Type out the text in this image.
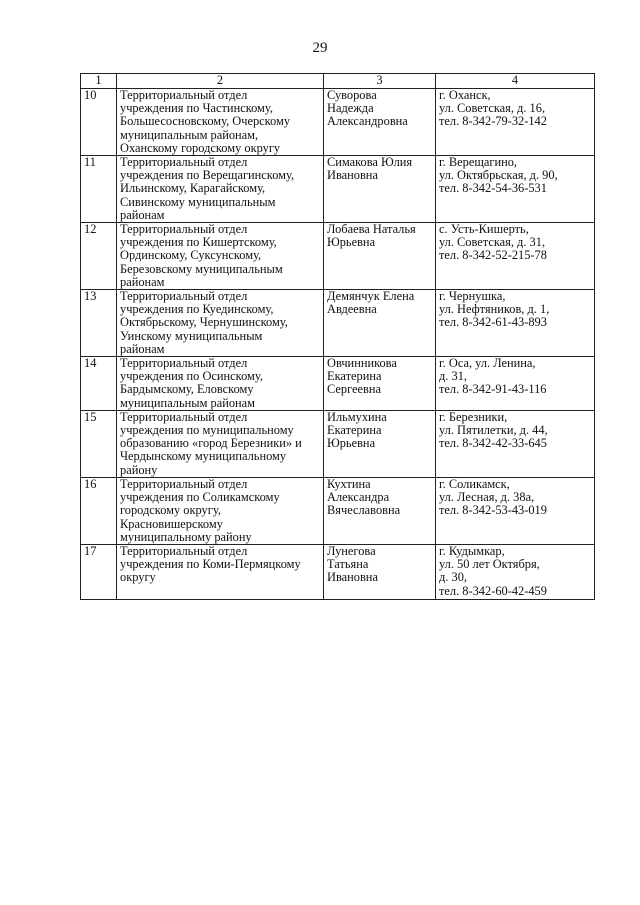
29
1	2	3	4
10	Территориальный отдел
учреждения по Частинскому,
Большесосновскому, Очерскому
муниципальным районам,
Оханскому городскому округу	Суворова
Надежда
Александровна	г. Оханск,
ул. Советская, д. 16,
тел. 8-342-79-32-142
11	Территориальный отдел
учреждения по Верещагинскому,
Ильинскому, Карагайскому,
Сивинскому муниципальным
районам	Симакова Юлия
Ивановна	г. Верещагино,
ул. Октябрьская, д. 90,
тел. 8-342-54-36-531
12	Территориальный отдел
учреждения по Кишертскому,
Ординскому, Суксунскому,
Березовскому муниципальным
районам	Лобаева Наталья
Юрьевна	с. Усть-Кишерть,
ул. Советская, д. 31,
тел. 8-342-52-215-78
13	Территориальный отдел
учреждения по Куединскому,
Октябрьскому, Чернушинскому,
Уинскому муниципальным
районам	Демянчук Елена
Авдеевна	г. Чернушка,
ул. Нефтяников, д. 1,
тел. 8-342-61-43-893
14	Территориальный отдел
учреждения по Осинскому,
Бардымскому, Еловскому
муниципальным районам	Овчинникова
Екатерина
Сергеевна	г. Оса, ул. Ленина,
д. 31,
тел. 8-342-91-43-116
15	Территориальный отдел
учреждения по муниципальному
образованию «город Березники» и
Чердынскому муниципальному
району	Ильмухина
Екатерина
Юрьевна	г. Березники,
ул. Пятилетки, д. 44,
тел. 8-342-42-33-645
16	Территориальный отдел
учреждения по Соликамскому
городскому округу,
Красновишерскому
муниципальному району	Кухтина
Александра
Вячеславовна	г. Соликамск,
ул. Лесная, д. 38а,
тел. 8-342-53-43-019
17	Территориальный отдел
учреждения по Коми-Пермяцкому
округу	Лунегова
Татьяна
Ивановна	г. Кудымкар,
ул. 50 лет Октября,
д. 30,
тел. 8-342-60-42-459
